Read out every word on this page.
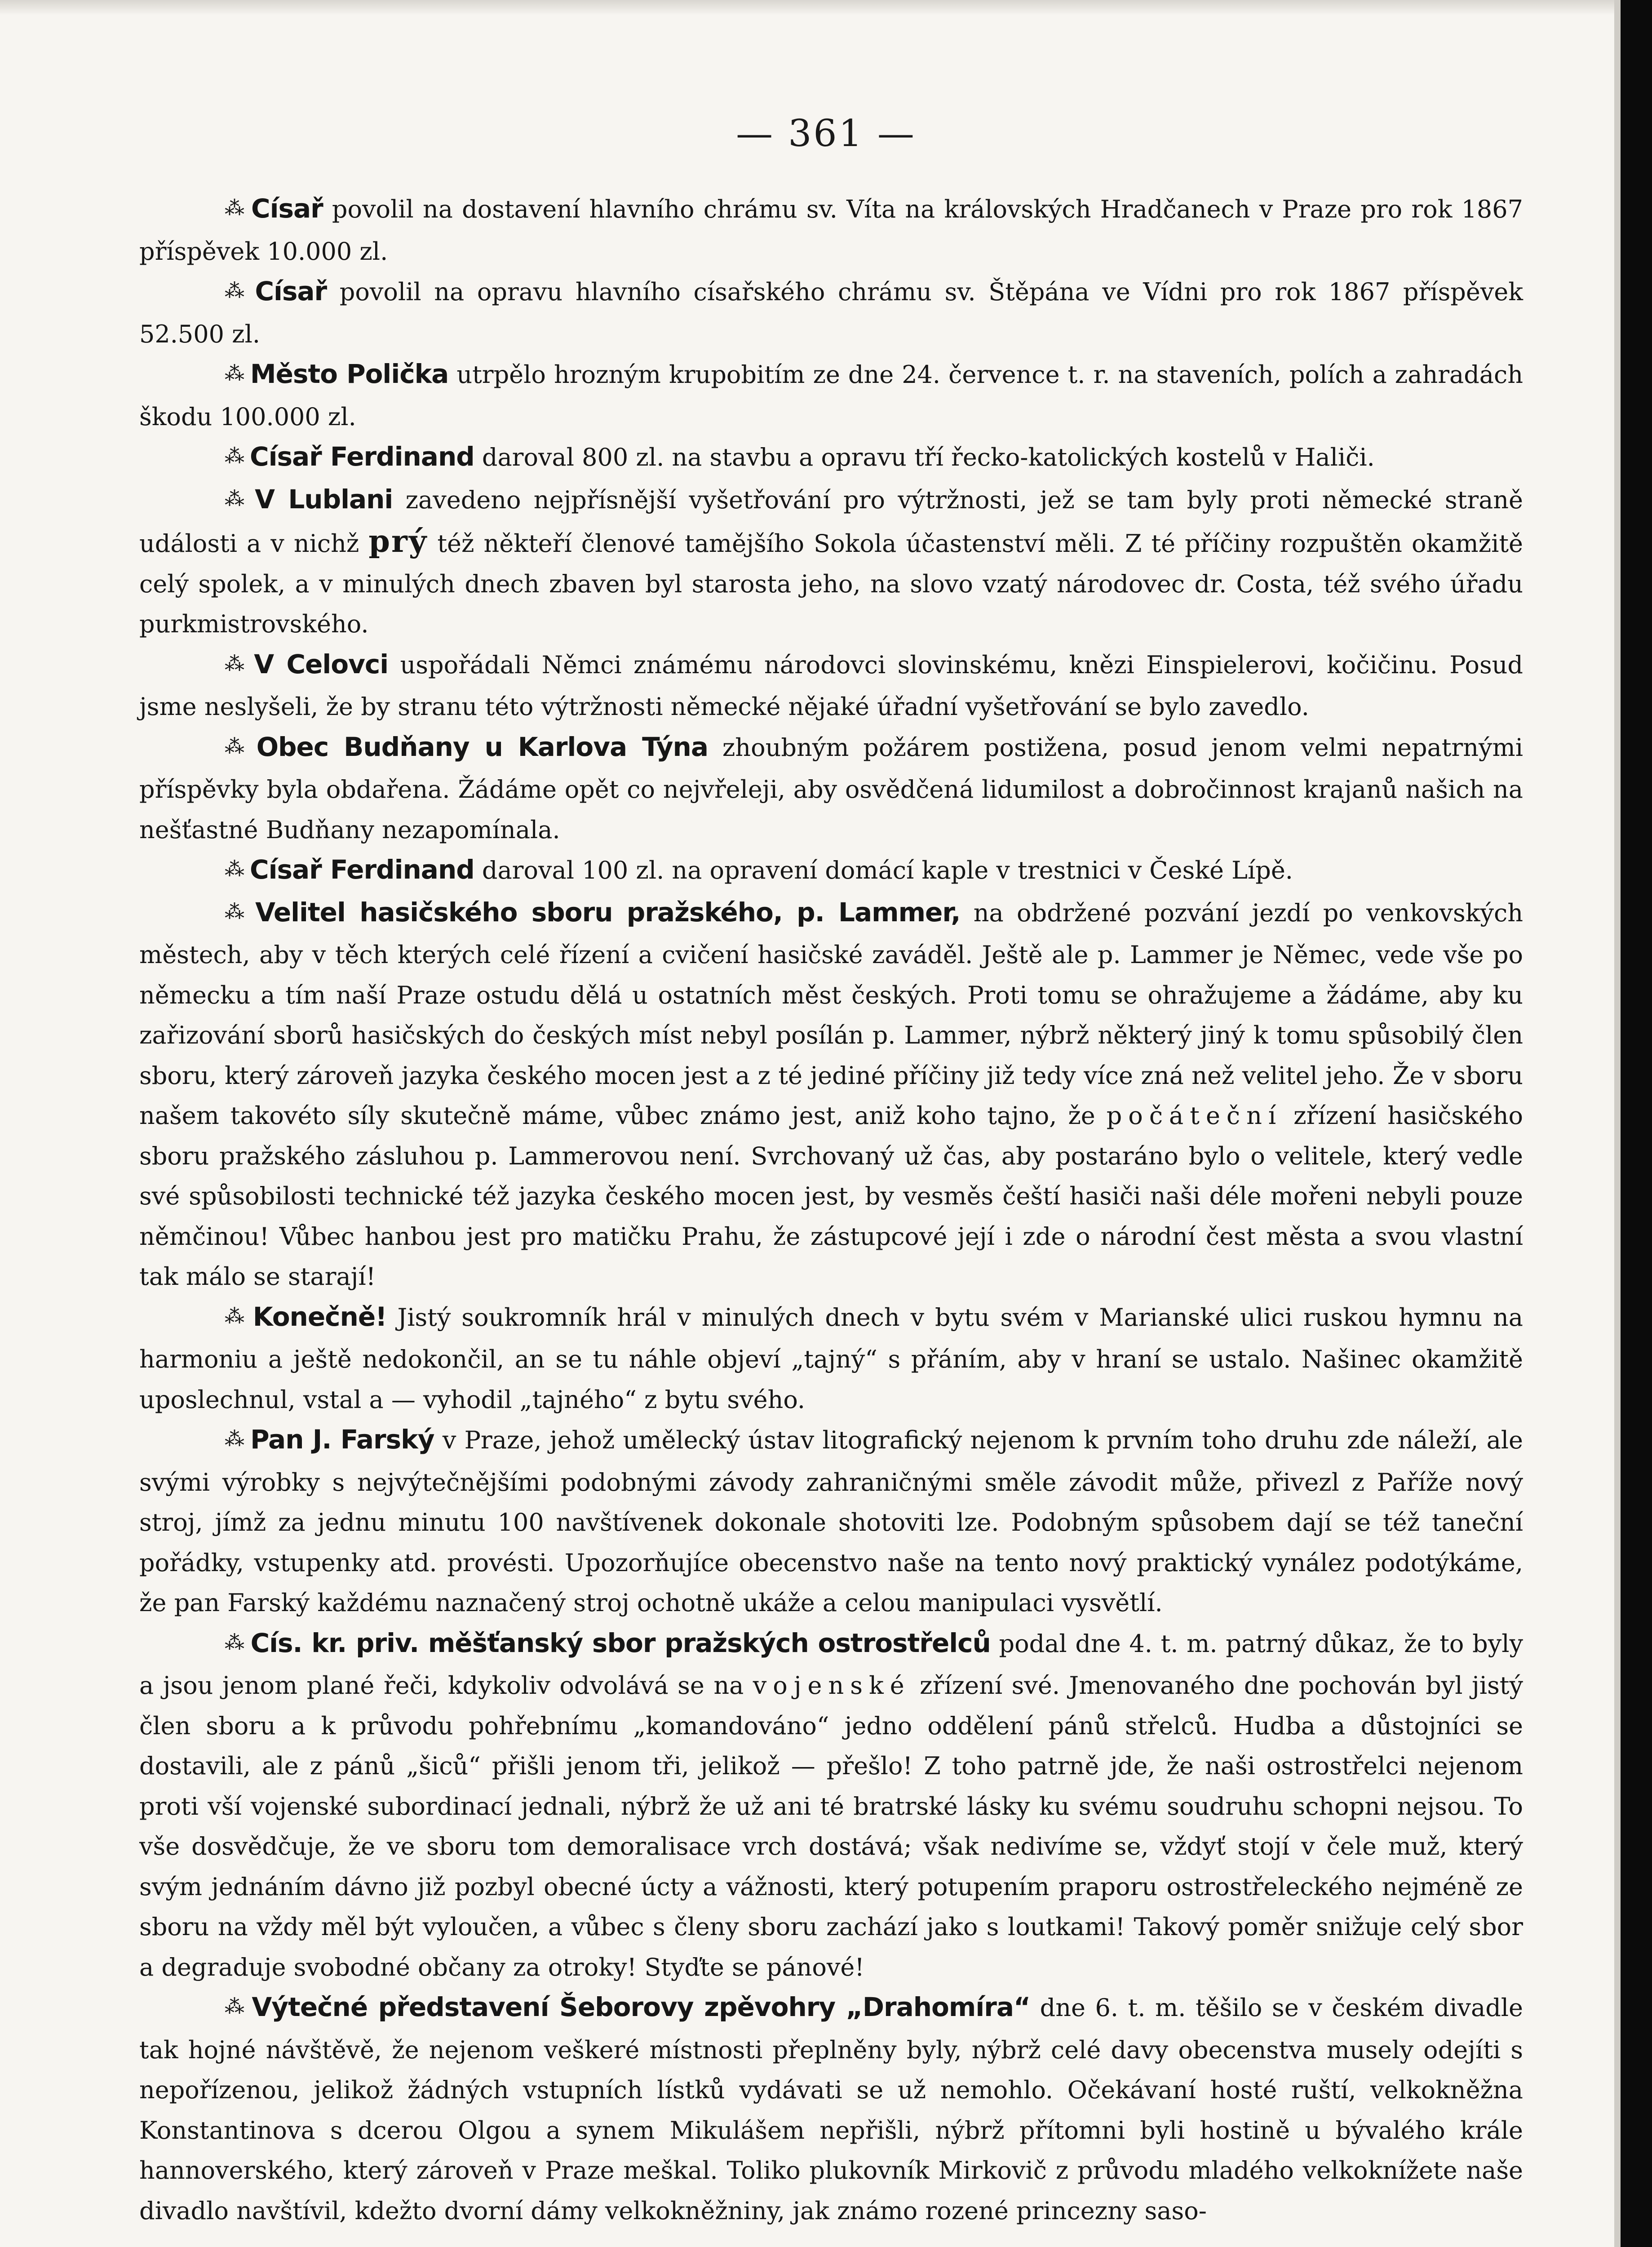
— 361 —

⁂ Císař povolil na dostavení hlavního chrámu sv. Víta na královských Hradčanech v Praze pro rok 1867 příspěvek 10.000 zl.

⁂ Císař povolil na opravu hlavního císařského chrámu sv. Štěpána ve Vídni pro rok 1867 příspěvek 52.500 zl.

⁂ Město Polička utrpělo hrozným krupobitím ze dne 24. července t. r. na staveních, polích a zahradách škodu 100.000 zl.

⁂ Císař Ferdinand daroval 800 zl. na stavbu a opravu tří řecko-katolických kostelů v Haliči.

⁂ V Lublani zavedeno nejpřísnější vyšetřování pro výtržnosti, jež se tam byly proti německé straně události a v nichž prý též někteří členové tamějšího Sokola účastenství měli. Z té příčiny rozpuštěn okamžitě celý spolek, a v minulých dnech zbaven byl starosta jeho, na slovo vzatý národovec dr. Costa, též svého úřadu purkmistrovského.

⁂ V Celovci uspořádali Němci známému národovci slovinskému, knězi Einspielerovi, kočičinu. Posud jsme neslyšeli, že by stranu této výtržnosti německé nějaké úřadní vyšetřování se bylo zavedlo.

⁂ Obec Budňany u Karlova Týna zhoubným požárem postižena, posud jenom velmi nepatrnými příspěvky byla obdařena. Žádáme opět co nejvřeleji, aby osvědčená lidumilost a dobročinnost krajanů našich na nešťastné Budňany nezapomínala.

⁂ Císař Ferdinand daroval 100 zl. na opravení domácí kaple v trestnici v České Lípě.

⁂ Velitel hasičského sboru pražského, p. Lammer, na obdržené pozvání jezdí po venkovských městech, aby v těch kterých celé řízení a cvičení hasičské zaváděl. Ještě ale p. Lammer je Němec, vede vše po německu a tím naší Praze ostudu dělá u ostatních měst českých. Proti tomu se ohražujeme a žádáme, aby ku zařizování sborů hasičských do českých míst nebyl posílán p. Lammer, nýbrž některý jiný k tomu spůsobilý člen sboru, který zároveň jazyka českého mocen jest a z té jediné příčiny již tedy více zná než velitel jeho. Že v sboru našem takovéto síly skutečně máme, vůbec známo jest, aniž koho tajno, že počáteční zřízení hasičského sboru pražského zásluhou p. Lammerovou není. Svrchovaný už čas, aby postaráno bylo o velitele, který vedle své spůsobilosti technické též jazyka českého mocen jest, by vesměs čeští hasiči naši déle mořeni nebyli pouze němčinou! Vůbec hanbou jest pro matičku Prahu, že zástupcové její i zde o národní čest města a svou vlastní tak málo se starají!

⁂ Konečně! Jistý soukromník hrál v minulých dnech v bytu svém v Marianské ulici ruskou hymnu na harmoniu a ještě nedokončil, an se tu náhle objeví „tajný“ s přáním, aby v hraní se ustalo. Našinec okamžitě uposlechnul, vstal a — vyhodil „tajného“ z bytu svého.

⁂ Pan J. Farský v Praze, jehož umělecký ústav litografický nejenom k prvním toho druhu zde náleží, ale svými výrobky s nejvýtečnějšími podobnými závody zahraničnými směle závodit může, přivezl z Paříže nový stroj, jímž za jednu minutu 100 navštívenek dokonale shotoviti lze. Podobným spůsobem dají se též taneční pořádky, vstupenky atd. provésti. Upozorňujíce obecenstvo naše na tento nový praktický vynález podotýkáme, že pan Farský každému naznačený stroj ochotně ukáže a celou manipulaci vysvětlí.

⁂ Cís. kr. priv. měšťanský sbor pražských ostrostřelců podal dne 4. t. m. patrný důkaz, že to byly a jsou jenom plané řeči, kdykoliv odvolává se na vojenské zřízení své. Jmenovaného dne pochován byl jistý člen sboru a k průvodu pohřebnímu „komandováno“ jedno oddělení pánů střelců. Hudba a důstojníci se dostavili, ale z pánů „šiců“ přišli jenom tři, jelikož — přešlo! Z toho patrně jde, že naši ostrostřelci nejenom proti vší vojenské subordinací jednali, nýbrž že už ani té bratrské lásky ku svému soudruhu schopni nejsou. To vše dosvědčuje, že ve sboru tom demoralisace vrch dostává; však nedivíme se, vždyť stojí v čele muž, který svým jednáním dávno již pozbyl obecné úcty a vážnosti, který potupením praporu ostrostřeleckého nejméně ze sboru na vždy měl být vyloučen, a vůbec s členy sboru zachází jako s loutkami! Takový poměr snižuje celý sbor a degraduje svobodné občany za otroky! Styďte se pánové!

⁂ Výtečné představení Šeborovy zpěvohry „Drahomíra“ dne 6. t. m. těšilo se v českém divadle tak hojné návštěvě, že nejenom veškeré místnosti přeplněny byly, nýbrž celé davy obecenstva musely odejíti s nepořízenou, jelikož žádných vstupních lístků vydávati se už nemohlo. Očekávaní hosté ruští, velkokněžna Konstantinova s dcerou Olgou a synem Mikulášem nepřišli, nýbrž přítomni byli hostině u bývalého krále hannoverského, který zároveň v Praze meškal. Toliko plukovník Mirkovič z průvodu mladého velkoknížete naše divadlo navštívil, kdežto dvorní dámy velkokněžniny, jak známo rozené princezny saso-
